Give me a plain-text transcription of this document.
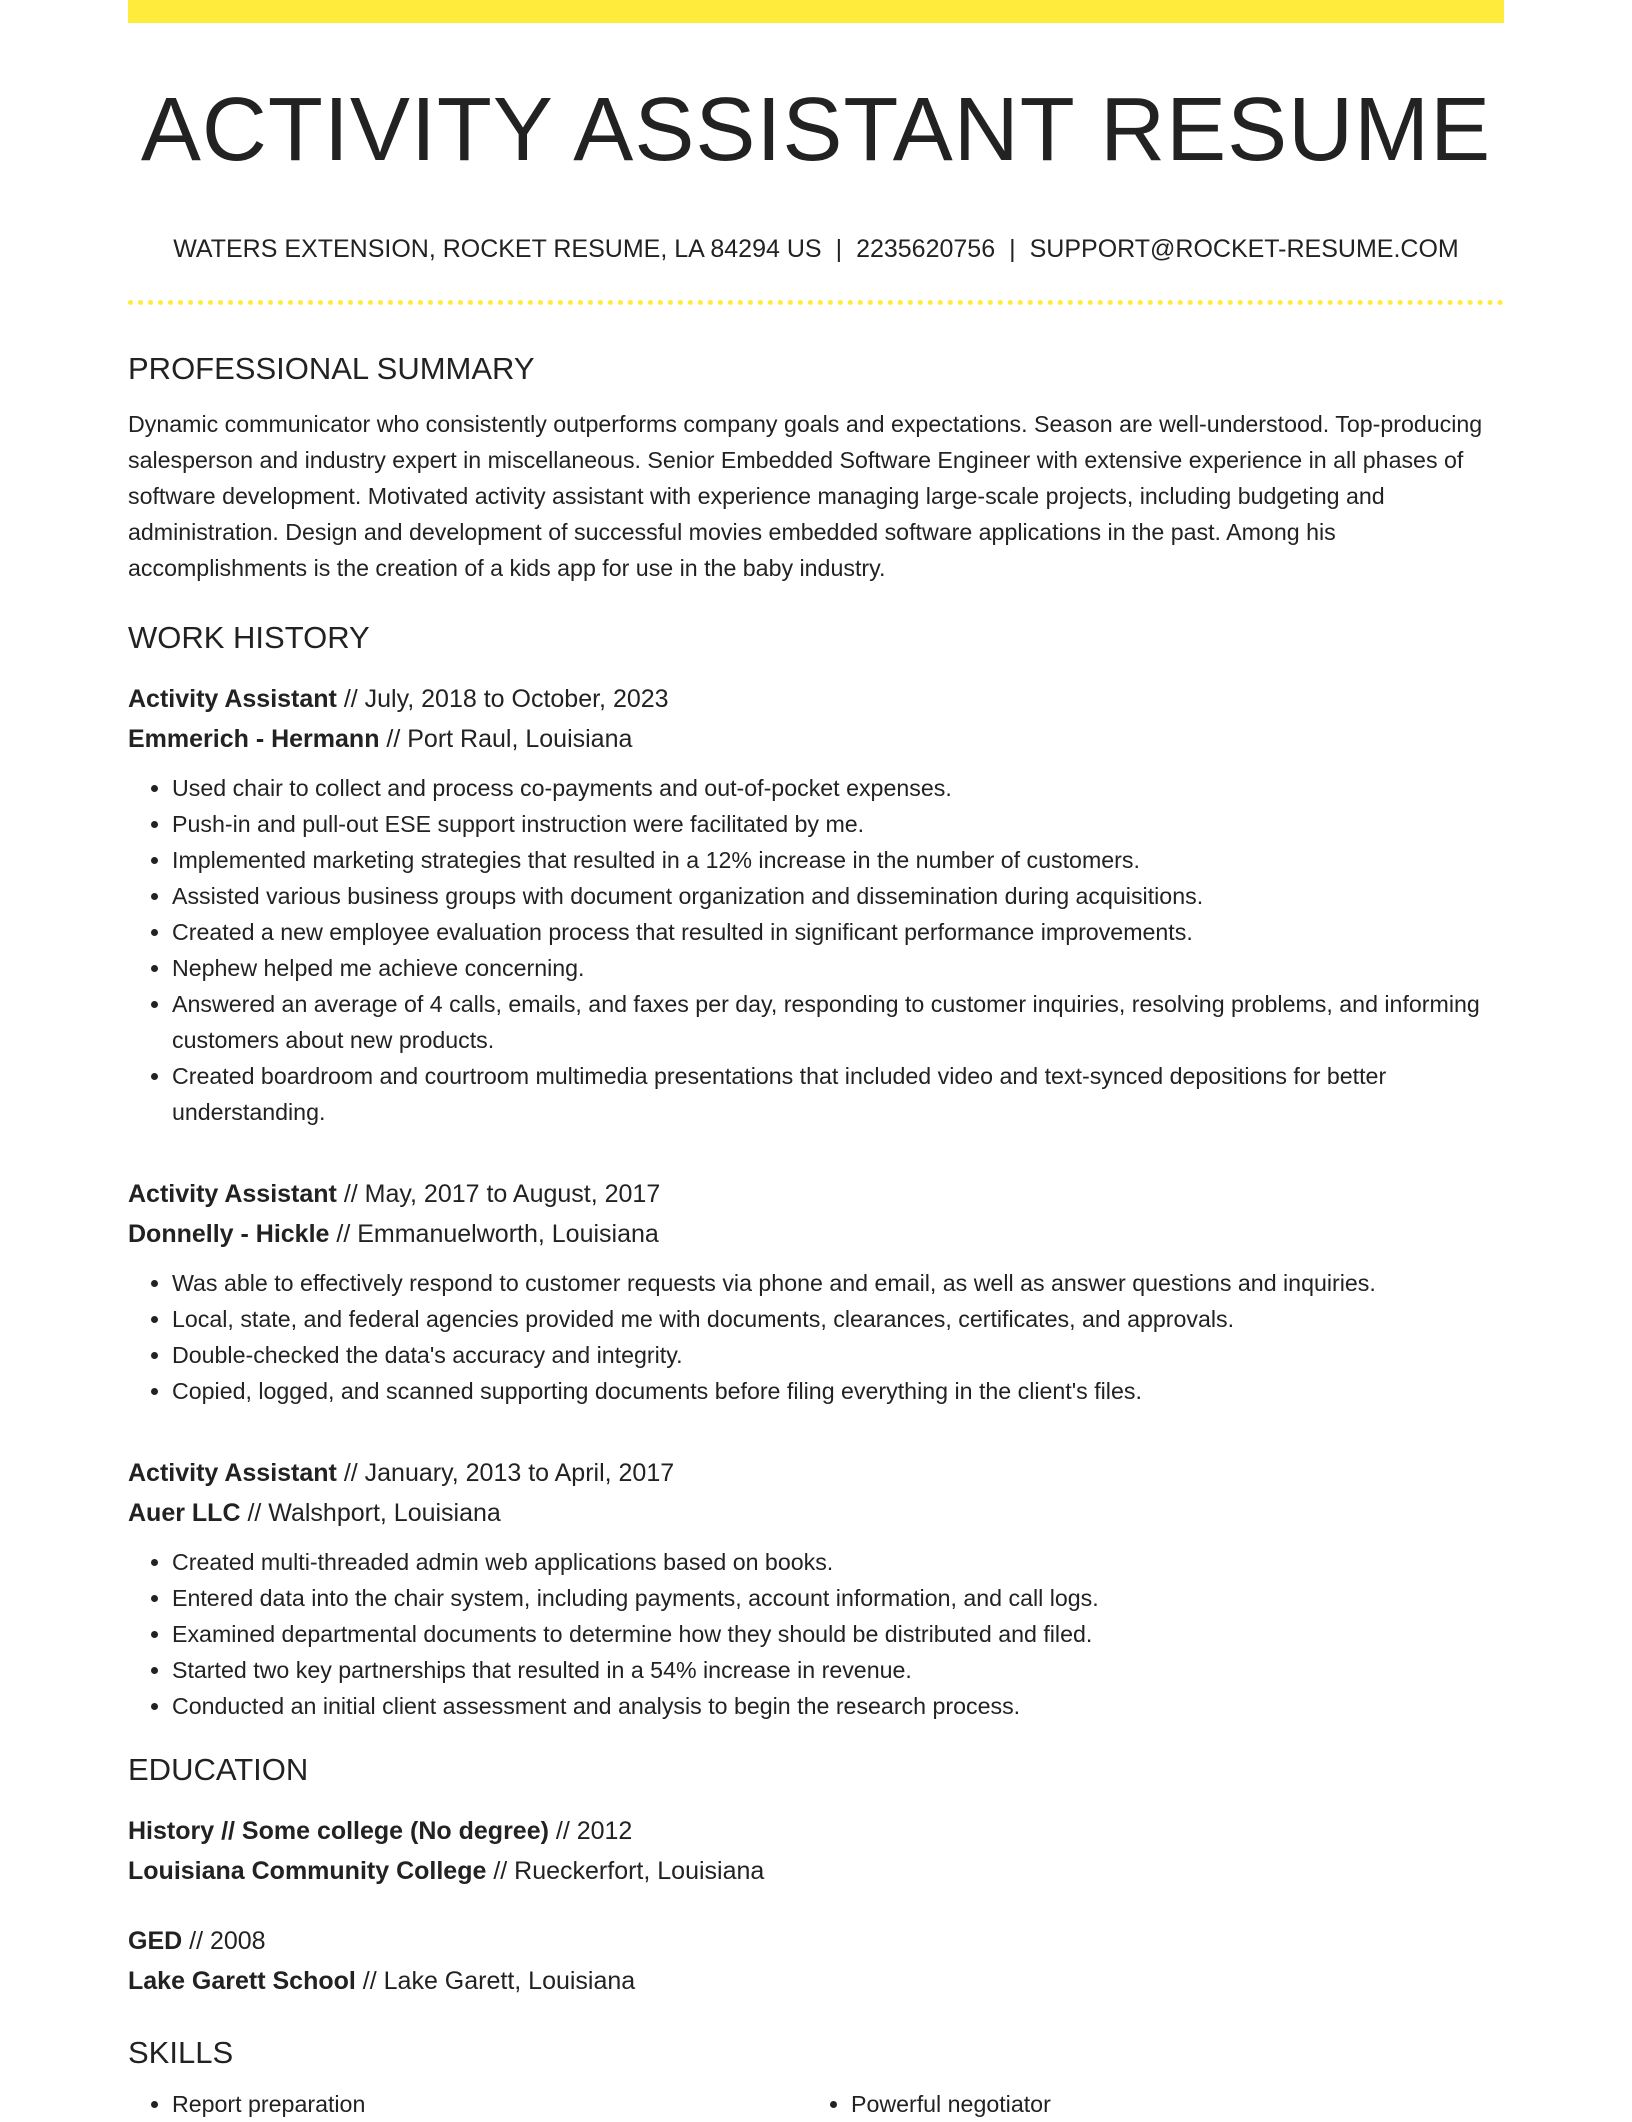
ACTIVITY ASSISTANT RESUME
WATERS EXTENSION, ROCKET RESUME, LA 84294 US | 2235620756 | SUPPORT@ROCKET-RESUME.COM
PROFESSIONAL SUMMARY

Dynamic communicator who consistently outperforms company goals and expectations. Season are well-understood. Top-producing salesperson and industry expert in miscellaneous. Senior Embedded Software Engineer with extensive experience in all phases of software development. Motivated activity assistant with experience managing large-scale projects, including budgeting and administration. Design and development of successful movies embedded software applications in the past. Among his accomplishments is the creation of a kids app for use in the baby industry.

WORK HISTORY
Activity Assistant // July, 2018 to October, 2023
Emmerich - Hermann // Port Raul, Louisiana
• Used chair to collect and process co-payments and out-of-pocket expenses.
• Push-in and pull-out ESE support instruction were facilitated by me.
• Implemented marketing strategies that resulted in a 12% increase in the number of customers.
• Assisted various business groups with document organization and dissemination during acquisitions.
• Created a new employee evaluation process that resulted in significant performance improvements.
• Nephew helped me achieve concerning.
• Answered an average of 4 calls, emails, and faxes per day, responding to customer inquiries, resolving problems, and informing customers about new products.
• Created boardroom and courtroom multimedia presentations that included video and text-synced depositions for better understanding.
Activity Assistant // May, 2017 to August, 2017
Donnelly - Hickle // Emmanuelworth, Louisiana
• Was able to effectively respond to customer requests via phone and email, as well as answer questions and inquiries.
• Local, state, and federal agencies provided me with documents, clearances, certificates, and approvals.
• Double-checked the data's accuracy and integrity.
• Copied, logged, and scanned supporting documents before filing everything in the client's files.
Activity Assistant // January, 2013 to April, 2017
Auer LLC // Walshport, Louisiana
• Created multi-threaded admin web applications based on books.
• Entered data into the chair system, including payments, account information, and call logs.
• Examined departmental documents to determine how they should be distributed and filed.
• Started two key partnerships that resulted in a 54% increase in revenue.
• Conducted an initial client assessment and analysis to begin the research process.
EDUCATION
History // Some college (No degree) // 2012
Louisiana Community College // Rueckerfort, Louisiana
GED // 2008
Lake Garett School // Lake Garett, Louisiana
SKILLS
• Report preparation
•	Powerful negotiator
